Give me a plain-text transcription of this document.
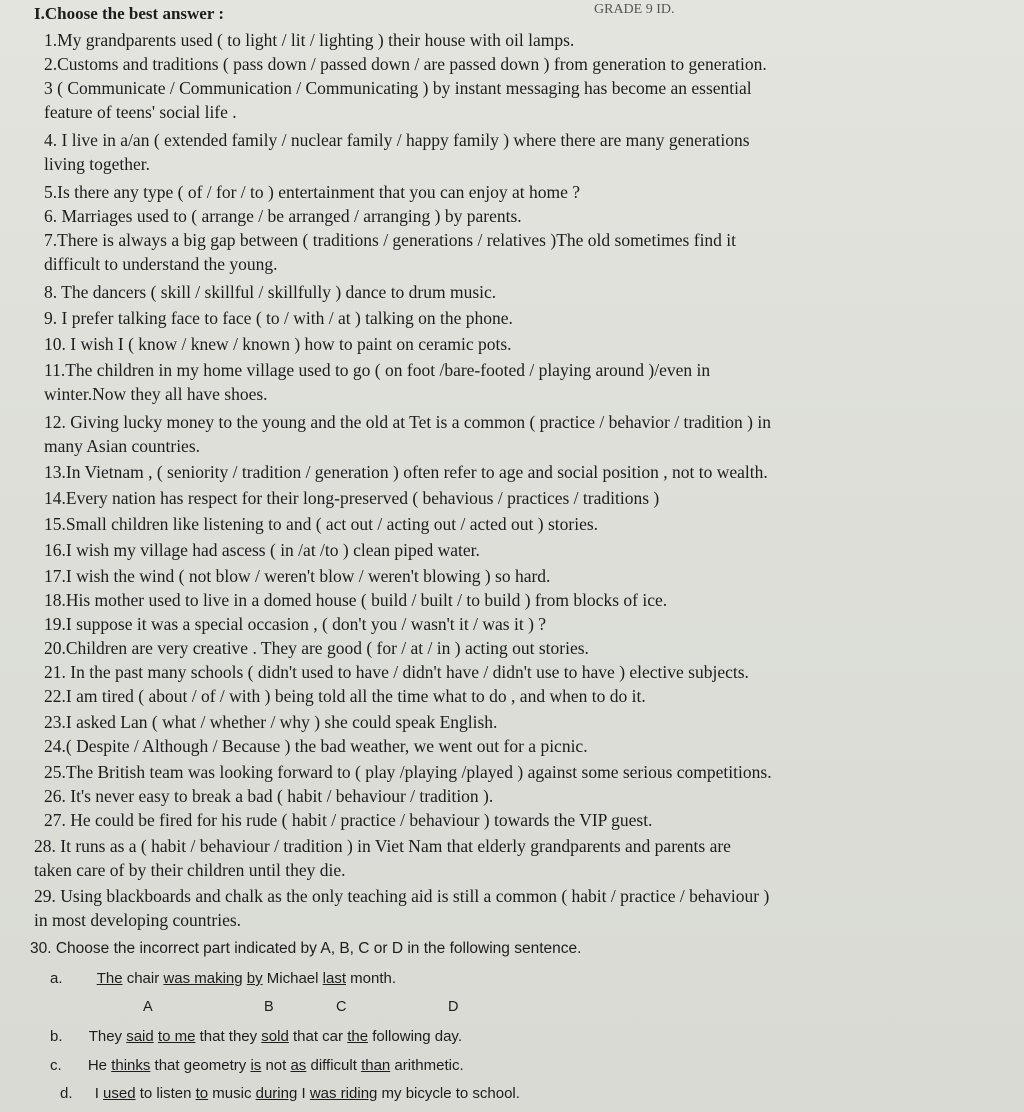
I.Choose the best answer :	GRADE 9 ID.
1.My grandparents used ( to light / lit / lighting ) their house with oil lamps.
2.Customs and traditions ( pass down / passed down / are passed down ) from generation to generation.
3 ( Communicate / Communication / Communicating ) by instant messaging has become an essential
feature of teens' social life .
4. I live in a/an ( extended family / nuclear family / happy family ) where there are many generations
living together.
5.Is there any type ( of / for / to ) entertainment that you can enjoy at home ?
6. Marriages used to ( arrange / be arranged / arranging ) by parents.
7.There is always a big gap between ( traditions / generations / relatives )The old sometimes find it
difficult to understand the young.
8. The dancers ( skill / skillful / skillfully ) dance to drum music.
9. I prefer talking face to face ( to / with / at ) talking on the phone.
10. I wish I ( know / knew / known ) how to paint on ceramic pots.
11.The children in my home village used to go ( on foot /bare-footed / playing around )/even in
winter.Now they all have shoes.
12. Giving lucky money to the young and the old at Tet is a common ( practice / behavior / tradition ) in
many Asian countries.
13.In Vietnam , ( seniority / tradition / generation ) often refer to age and social position , not to wealth.
14.Every nation has respect for their long-preserved ( behavious / practices / traditions )
15.Small children like listening to and ( act out / acting out / acted out ) stories.
16.I wish my village had ascess ( in /at /to ) clean piped water.
17.I wish the wind ( not blow / weren't blow / weren't blowing ) so hard.
18.His mother used to live in a domed house ( build / built / to build ) from blocks of ice.
19.I suppose it was a special occasion , ( don't you / wasn't it / was it ) ?
20.Children are very creative . They are good ( for / at / in ) acting out stories.
21. In the past many schools ( didn't used to have / didn't have / didn't use to have ) elective subjects.
22.I am tired ( about / of / with ) being told all the time what to do , and when to do it.
23.I asked Lan ( what / whether / why ) she could speak English.
24.( Despite / Although / Because ) the bad weather, we went out for a picnic.
25.The British team was looking forward to ( play /playing /played ) against some serious competitions.
26. It's never easy to break a bad ( habit / behaviour / tradition ).
27. He could be fired for his rude ( habit / practice / behaviour ) towards the VIP guest.
28. It runs as a ( habit / behaviour / tradition ) in Viet Nam that elderly grandparents and parents are
taken care of by their children until they die.
29. Using blackboards and chalk as the only teaching aid is still a common ( habit / practice / behaviour )
in most developing countries.
30. Choose the incorrect part indicated by A, B, C or D in the following sentence.
a. The chair was making by Michael last month.
A	B	C	D
b. They said to me that they sold that car the following day.
c. He thinks that geometry is not as difficult than arithmetic.
d. I used to listen to music during I was riding my bicycle to school.
